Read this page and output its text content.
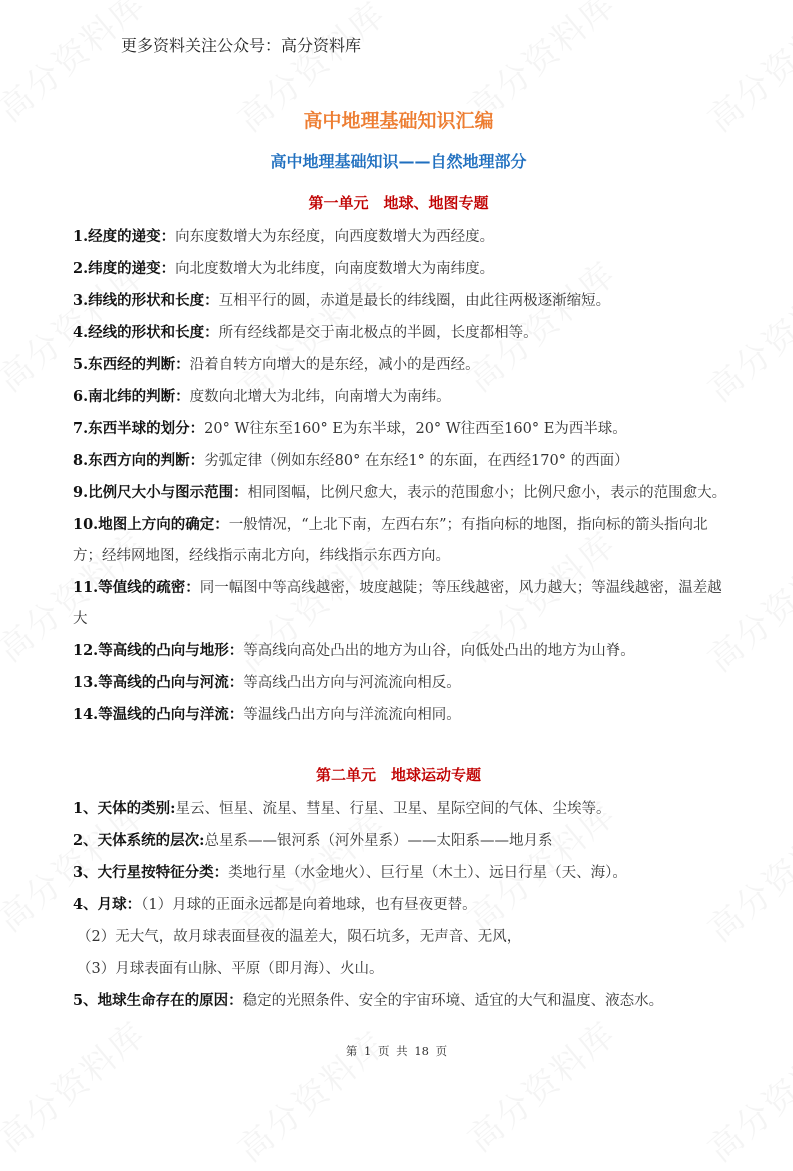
更多资料关注公众号：高分资料库
高中地理基础知识汇编
高中地理基础知识——自然地理部分
第一单元　地球、地图专题

1.经度的递变：向东度数增大为东经度，向西度数增大为西经度。

2.纬度的递变：向北度数增大为北纬度，向南度数增大为南纬度。

3.纬线的形状和长度：互相平行的圆，赤道是最长的纬线圈，由此往两极逐渐缩短。

4.经线的形状和长度：所有经线都是交于南北极点的半圆，长度都相等。

5.东西经的判断：沿着自转方向增大的是东经，减小的是西经。

6.南北纬的判断：度数向北增大为北纬，向南增大为南纬。

7.东西半球的划分：20° W往东至160° E为东半球，20° W往西至160° E为西半球。

8.东西方向的判断：劣弧定律（例如东经80° 在东经1° 的东面，在西经170° 的西面）

9.比例尺大小与图示范围：相同图幅，比例尺愈大，表示的范围愈小；比例尺愈小，表示的范围愈大。

10.地图上方向的确定：一般情况，“上北下南，左西右东”；有指向标的地图，指向标的箭头指向北方；经纬网地图，经线指示南北方向，纬线指示东西方向。

11.等值线的疏密：同一幅图中等高线越密，坡度越陡；等压线越密，风力越大；等温线越密，温差越大

12.等高线的凸向与地形：等高线向高处凸出的地方为山谷，向低处凸出的地方为山脊。

13.等高线的凸向与河流：等高线凸出方向与河流流向相反。

14.等温线的凸向与洋流：等温线凸出方向与洋流流向相同。

第二单元　地球运动专题

1、天体的类别:星云、恒星、流星、彗星、行星、卫星、星际空间的气体、尘埃等。

2、天体系统的层次:总星系——银河系（河外星系）——太阳系——地月系

3、大行星按特征分类：类地行星（水金地火）、巨行星（木土）、远日行星（天、海）。

4、月球：（1）月球的正面永远都是向着地球，也有昼夜更替。

（2）无大气，故月球表面昼夜的温差大，陨石坑多，无声音、无风，

（3）月球表面有山脉、平原（即月海）、火山。

5、地球生命存在的原因：稳定的光照条件、安全的宇宙环境、适宜的大气和温度、液态水。

第 1 页 共 18 页
